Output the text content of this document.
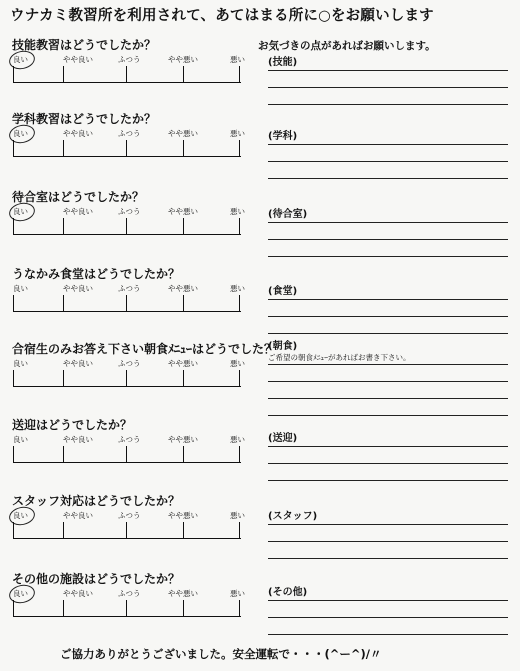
ウナカミ教習所を利用されて、あてはまる所に○をお願いします
お気づきの点があればお願いします。
技能教習はどうでしたか？
良い	やや良い	ふつう	やや悪い	悪い (技能)
学科教習はどうでしたか？
良い	やや良い	ふつう	やや悪い	悪い (学科)
待合室はどうでしたか？
良い	やや良い	ふつう	やや悪い	悪い (待合室)
うなかみ食堂はどうでしたか？
良い	やや良い	ふつう	やや悪い	悪い (食堂)
合宿生のみお答え下さい朝食ﾒﾆｭｰはどうでした？
良い	やや良い	ふつう	やや悪い	悪い
(朝食)
ご希望の朝食ﾒﾆｭｰがあればお書き下さい。
送迎はどうでしたか？
良い	やや良い	ふつう	やや悪い	悪い (送迎)
スタッフ対応はどうでしたか？
良い	やや良い	ふつう	やや悪い	悪い (スタッフ)
その他の施設はどうでしたか？
良い	やや良い	ふつう	やや悪い	悪い (その他)
ご協力ありがとうございました。安全運転で・・・(^ー^)/〃
